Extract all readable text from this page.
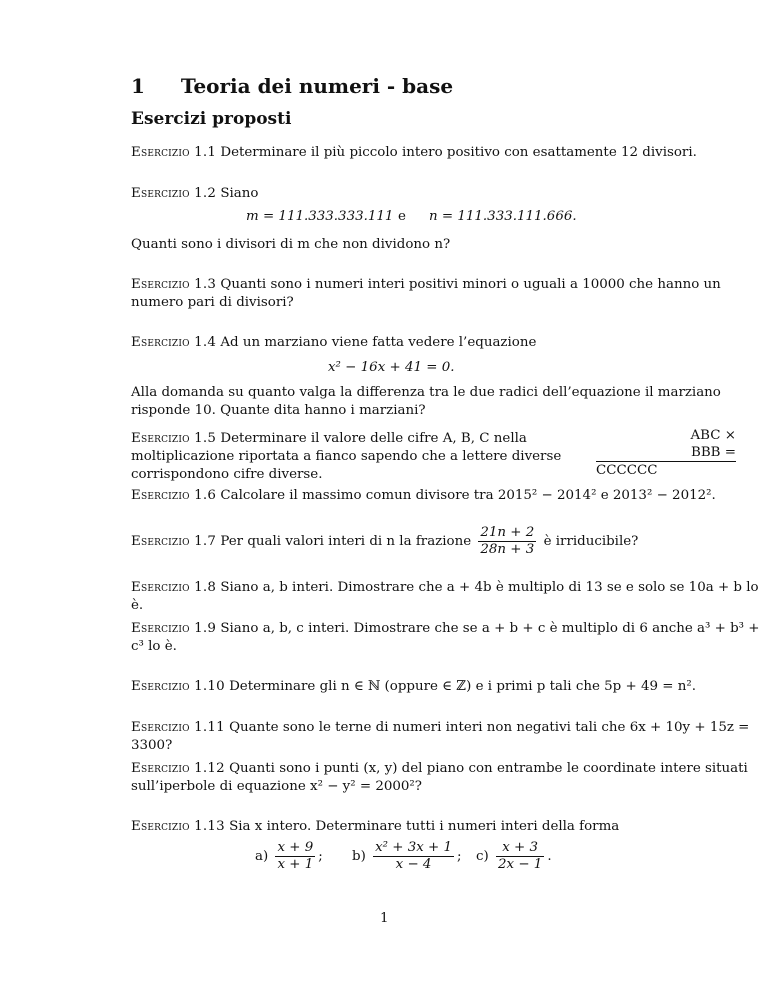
1 Teoria dei numeri - base
Esercizi proposti
Esercizio 1.1 Determinare il più piccolo intero positivo con esattamente 12 divisori.
Esercizio 1.2 Siano
m = 111.333.333.111 e n = 111.333.111.666.
Quanti sono i divisori di m che non dividono n?
Esercizio 1.3 Quanti sono i numeri interi positivi minori o uguali a 10000 che hanno un numero pari di divisori?
Esercizio 1.4 Ad un marziano viene fatta vedere l’equazione
x² − 16x + 41 = 0.
Alla domanda su quanto valga la differenza tra le due radici dell’equazione il marziano risponde 10. Quante dita hanno i marziani?
Esercizio 1.5 Determinare il valore delle cifre A, B, C nella moltiplicazione riportata a fianco sapendo che a lettere diverse corrispondono cifre diverse.
ABC ×
BBB =
CCCCCC
Esercizio 1.6 Calcolare il massimo comun divisore tra 2015² − 2014² e 2013² − 2012².
Esercizio 1.7 Per quali valori interi di n la frazione $\frac{21n + 2}{28n + 3}$ è irriducibile?
Esercizio 1.8 Siano a, b interi. Dimostrare che a + 4b è multiplo di 13 se e solo se 10a + b lo è.
Esercizio 1.9 Siano a, b, c interi. Dimostrare che se a + b + c è multiplo di 6 anche a³ + b³ + c³ lo è.
Esercizio 1.10 Determinare gli n ∈ ℕ (oppure ∈ ℤ) e i primi p tali che 5p + 49 = n².
Esercizio 1.11 Quante sono le terne di numeri interi non negativi tali che 6x + 10y + 15z = 3300?
Esercizio 1.12 Quanti sono i punti (x, y) del piano con entrambe le coordinate intere situati sull’iperbole di equazione x² − y² = 2000²?
Esercizio 1.13 Sia x intero. Determinare tutti i numeri interi della forma
$a) \frac{x + 9}{x + 1}$ ; $b) \frac{\text{x² + 3x + 1}}{x - 4}$ ; $c) \frac{x + 3}{2x - 1}$ .
1
